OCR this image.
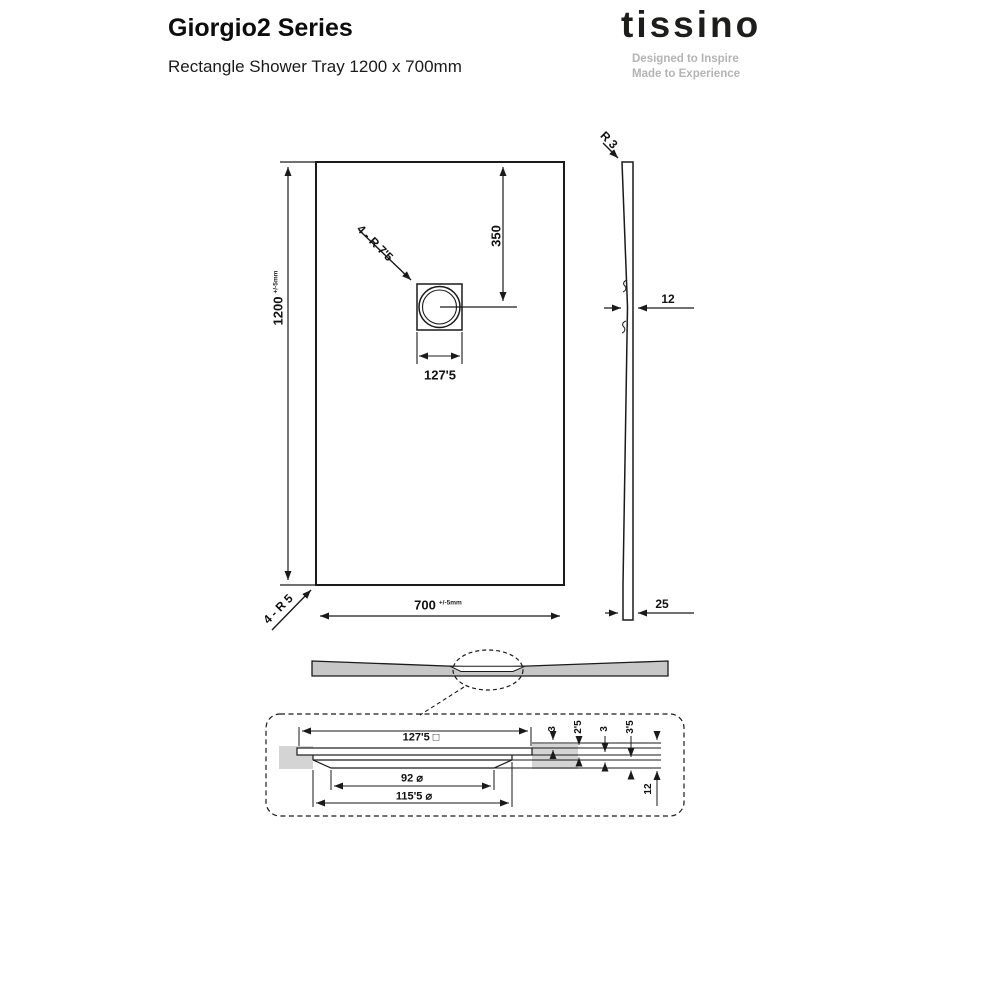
Giorgio2 Series
Rectangle Shower Tray 1200 x 700mm
tissino
Designed to Inspire
Made to Experience
1200
+/-5mm
350
4 - R 7'5
127'5
4 - R 5	700 +/-5mm
R 3
12
25
127'5 □
92 ⌀
115'5 ⌀
3 2'5 3 3'5
12
